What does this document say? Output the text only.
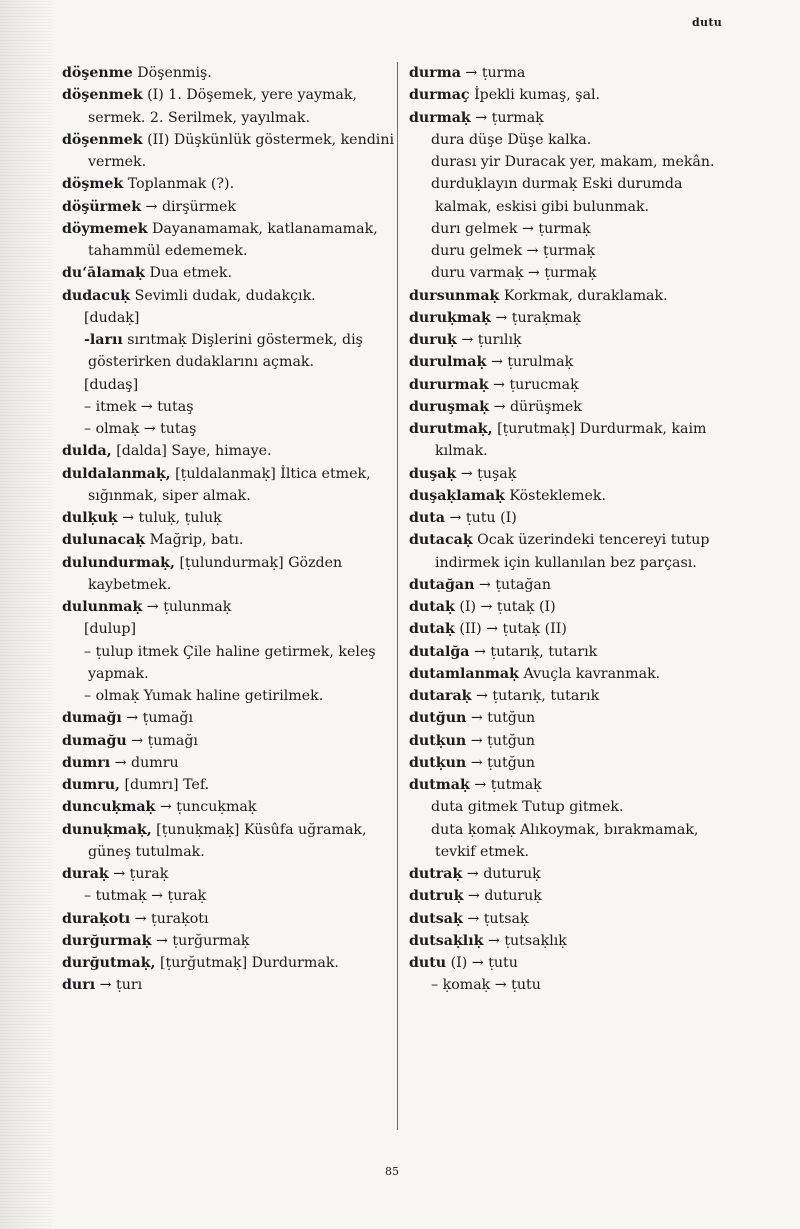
dutu

döşenme Döşenmiş.

döşenmek (I) 1. Döşemek, yere yaymak, sermek. 2. Serilmek, yayılmak.

döşenmek (II) Düşkünlük göstermek, kendini vermek.

döşmek Toplanmak (?).

döşürmek → dirşürmek

döymemek Dayanamamak, katlanamamak, tahammül edememek.

du‘ālamaḳ Dua etmek.

dudacuḳ Sevimli dudak, dudakçık.

[dudaḳ]

-larıı sırıtmaḳ Dişlerini göstermek, diş gösterirken dudaklarını açmak.

[dudaş]

– itmek → tutaş

– olmaḳ → tutaş

dulda, [dalda] Saye, himaye.

duldalanmaḳ, [ṭuldalanmaḳ] İltica etmek, sığınmak, siper almak.

dulḳuḳ → tuluḳ, ṭuluḳ

dulunacaḳ Mağrip, batı.

dulundurmaḳ, [ṭulundurmaḳ] Gözden kaybetmek.

dulunmaḳ → ṭulunmaḳ

[dulup]

– ṭulup itmek Çile haline getirmek, keleş yapmak.

– olmaḳ Yumak haline getirilmek.

dumağı → ṭumağı

dumağu → ṭumağı

dumrı → dumru

dumru, [dumrı] Tef.

duncuḳmaḳ → ṭuncuḳmaḳ

dunuḳmaḳ, [ṭunuḳmaḳ] Küsûfa uğramak, güneş tutulmak.

duraḳ → ṭuraḳ

– tutmaḳ → ṭuraḳ

duraḳotı → ṭuraḳotı

durğurmaḳ → ṭurğurmaḳ

durğutmaḳ, [ṭurğutmaḳ] Durdurmak.

durı → ṭurı

durma → ṭurma

durmaç İpekli kumaş, şal.

durmaḳ → ṭurmaḳ

dura düşe Düşe kalka.

durası yir Duracak yer, makam, mekân.

durduḳlayın durmaḳ Eski durumda kalmak, eskisi gibi bulunmak.

durı gelmek → ṭurmaḳ

duru gelmek → ṭurmaḳ

duru varmaḳ → ṭurmaḳ

dursunmaḳ Korkmak, duraklamak.

duruḳmaḳ → ṭuraḳmaḳ

duruḳ → ṭurılıḳ

durulmaḳ → ṭurulmaḳ

dururmaḳ → ṭurucmaḳ

duruşmaḳ → dürüşmek

durutmaḳ, [ṭurutmaḳ] Durdurmak, kaim kılmak.

duşaḳ → ṭuşaḳ

duşaḳlamaḳ Kösteklemek.

duta → ṭutu (I)

dutacaḳ Ocak üzerindeki tencereyi tutup indirmek için kullanılan bez parçası.

dutağan → ṭutağan

dutaḳ (I) → ṭutaḳ (I)

dutaḳ (II) → ṭutaḳ (II)

dutalğa → ṭutarıḳ, tutarık

dutamlanmaḳ Avuçla kavranmak.

dutaraḳ → ṭutarıḳ, tutarık

dutğun → tutğun

dutḳun → ṭutğun

dutḳun → ṭutğun

dutmaḳ → ṭutmaḳ

duta gitmek Tutup gitmek.

duta ḳomaḳ Alıkoymak, bırakmamak, tevkif etmek.

dutraḳ → duturuḳ

dutruḳ → duturuḳ

dutsaḳ → ṭutsaḳ

dutsaḳlıḳ → ṭutsaḳlıḳ

dutu (I) → ṭutu

– ḳomaḳ → ṭutu

85
